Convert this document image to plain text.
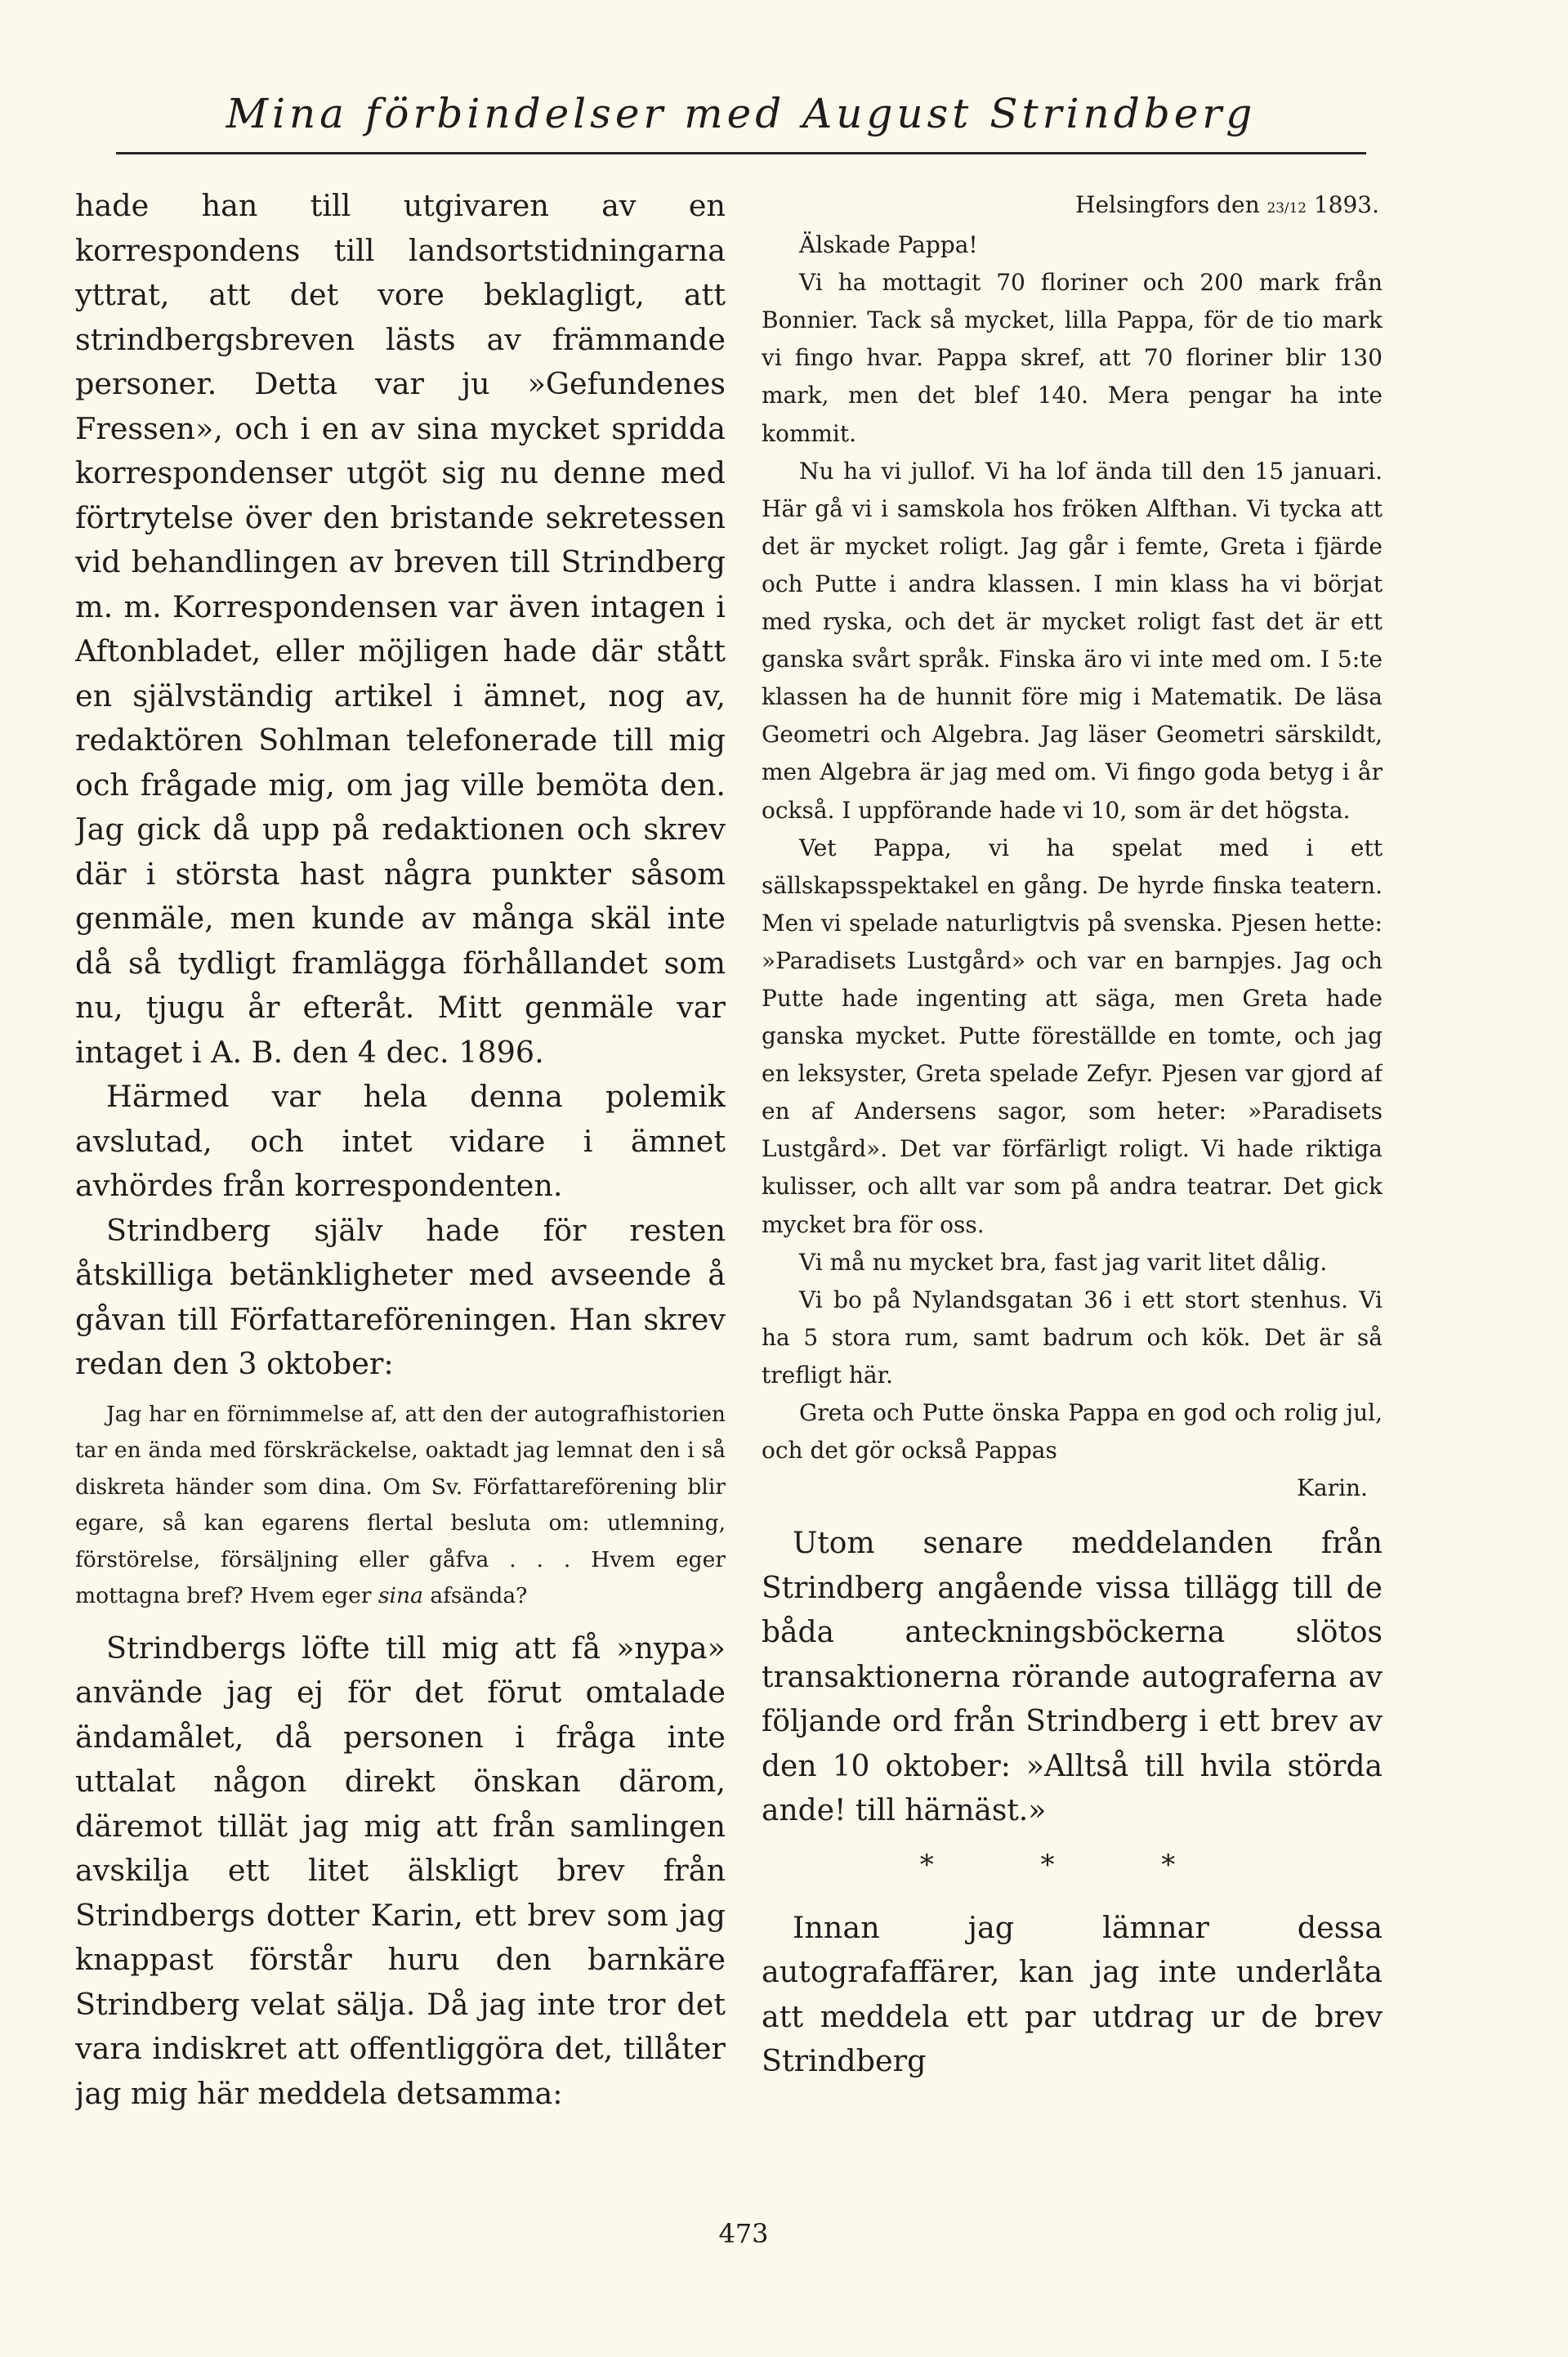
Mina förbindelser med August Strindberg

hade han till utgivaren av en korrespondens till landsortstidningarna yttrat, att det vore beklagligt, att strindbergsbreven lästs av främmande personer. Detta var ju »Gefundenes Fressen», och i en av sina mycket spridda korrespondenser utgöt sig nu denne med förtrytelse över den bristande sekretessen vid behandlingen av breven till Strindberg m. m. Korrespondensen var även intagen i Aftonbladet, eller möjligen hade där stått en självständig artikel i ämnet, nog av, redaktören Sohlman telefonerade till mig och frågade mig, om jag ville bemöta den. Jag gick då upp på redaktionen och skrev där i största hast några punkter såsom genmäle, men kunde av många skäl inte då så tydligt framlägga förhållandet som nu, tjugu år efteråt. Mitt genmäle var intaget i A. B. den 4 dec. 1896.

Härmed var hela denna polemik avslutad, och intet vidare i ämnet avhördes från korrespondenten.

Strindberg själv hade för resten åtskilliga betänkligheter med avseende å gåvan till Författareföreningen. Han skrev redan den 3 oktober:

Jag har en förnimmelse af, att den der autografhistorien tar en ända med förskräckelse, oaktadt jag lemnat den i så diskreta händer som dina. Om Sv. Författareförening blir egare, så kan egarens flertal besluta om: utlemning, förstörelse, försäljning eller gåfva . . . Hvem eger mottagna bref? Hvem eger sina afsända?

Strindbergs löfte till mig att få »nypa» använde jag ej för det förut omtalade ändamålet, då personen i fråga inte uttalat någon direkt önskan därom, däremot tillät jag mig att från samlingen avskilja ett litet älskligt brev från Strindbergs dotter Karin, ett brev som jag knappast förstår huru den barnkäre Strindberg velat sälja. Då jag inte tror det vara indiskret att offentliggöra det, tillåter jag mig här meddela detsamma:

Helsingfors den 23/12 1893.

Älskade Pappa!

Vi ha mottagit 70 floriner och 200 mark från Bonnier. Tack så mycket, lilla Pappa, för de tio mark vi fingo hvar. Pappa skref, att 70 floriner blir 130 mark, men det blef 140. Mera pengar ha inte kommit.

Nu ha vi jullof. Vi ha lof ända till den 15 januari. Här gå vi i samskola hos fröken Alfthan. Vi tycka att det är mycket roligt. Jag går i femte, Greta i fjärde och Putte i andra klassen. I min klass ha vi börjat med ryska, och det är mycket roligt fast det är ett ganska svårt språk. Finska äro vi inte med om. I 5:te klassen ha de hunnit före mig i Matematik. De läsa Geometri och Algebra. Jag läser Geometri särskildt, men Algebra är jag med om. Vi fingo goda betyg i år också. I uppförande hade vi 10, som är det högsta.

Vet Pappa, vi ha spelat med i ett sällskapsspektakel en gång. De hyrde finska teatern. Men vi spelade naturligtvis på svenska. Pjesen hette: »Paradisets Lustgård» och var en barnpjes. Jag och Putte hade ingenting att säga, men Greta hade ganska mycket. Putte föreställde en tomte, och jag en leksyster, Greta spelade Zefyr. Pjesen var gjord af en af Andersens sagor, som heter: »Paradisets Lustgård». Det var förfärligt roligt. Vi hade riktiga kulisser, och allt var som på andra teatrar. Det gick mycket bra för oss.

Vi må nu mycket bra, fast jag varit litet dålig.

Vi bo på Nylandsgatan 36 i ett stort stenhus. Vi ha 5 stora rum, samt badrum och kök. Det är så trefligt här.

Greta och Putte önska Pappa en god och rolig jul, och det gör också Pappas

Karin.

Utom senare meddelanden från Strindberg angående vissa tillägg till de båda anteckningsböckerna slötos transaktionerna rörande autograferna av följande ord från Strindberg i ett brev av den 10 oktober: »Alltså till hvila störda ande! till härnäst.»

* * *

Innan jag lämnar dessa autografaffärer, kan jag inte underlåta att meddela ett par utdrag ur de brev Strindberg

473
